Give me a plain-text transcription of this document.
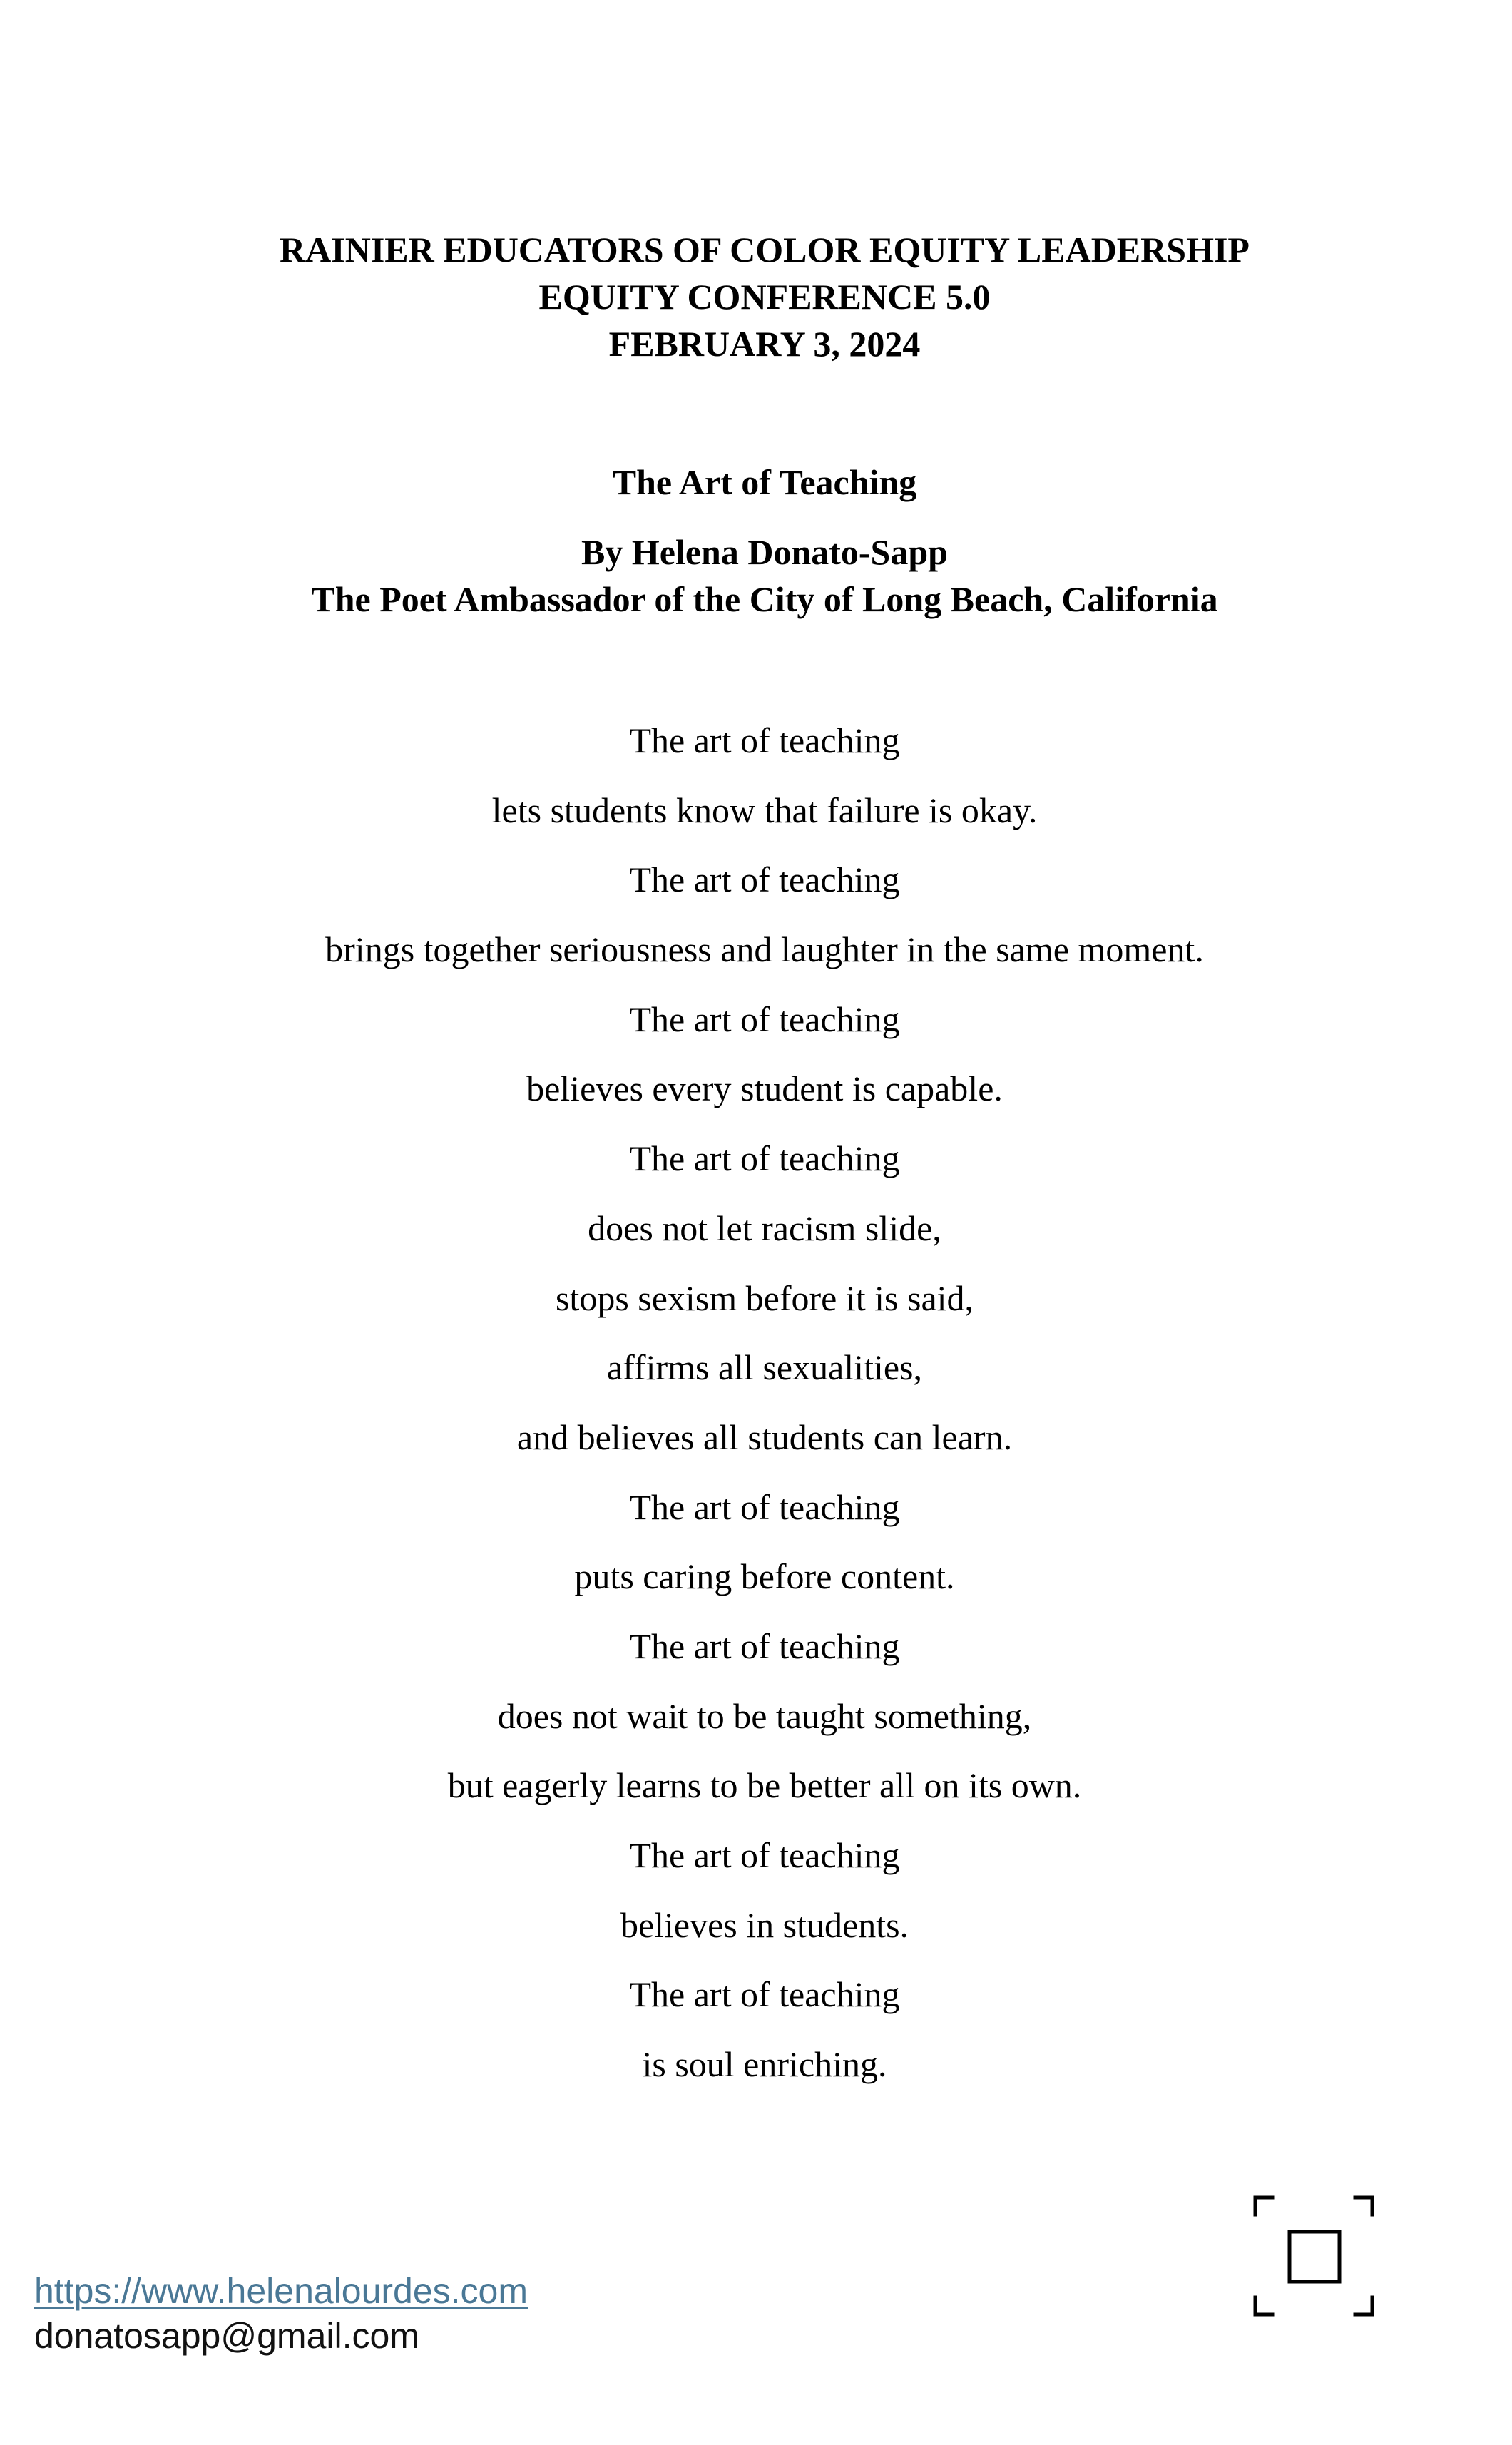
RAINIER EDUCATORS OF COLOR EQUITY LEADERSHIP
EQUITY CONFERENCE 5.0
FEBRUARY 3, 2024
The Art of Teaching
By Helena Donato-Sapp
The Poet Ambassador of the City of Long Beach, California
The art of teaching
lets students know that failure is okay.
The art of teaching
brings together seriousness and laughter in the same moment.
The art of teaching
believes every student is capable.
The art of teaching
does not let racism slide,
stops sexism before it is said,
affirms all sexualities,
and believes all students can learn.
The art of teaching
puts caring before content.
The art of teaching
does not wait to be taught something,
but eagerly learns to be better all on its own.
The art of teaching
believes in students.
The art of teaching
is soul enriching.
https://www.helenalourdes.com
donatosapp@gmail.com
